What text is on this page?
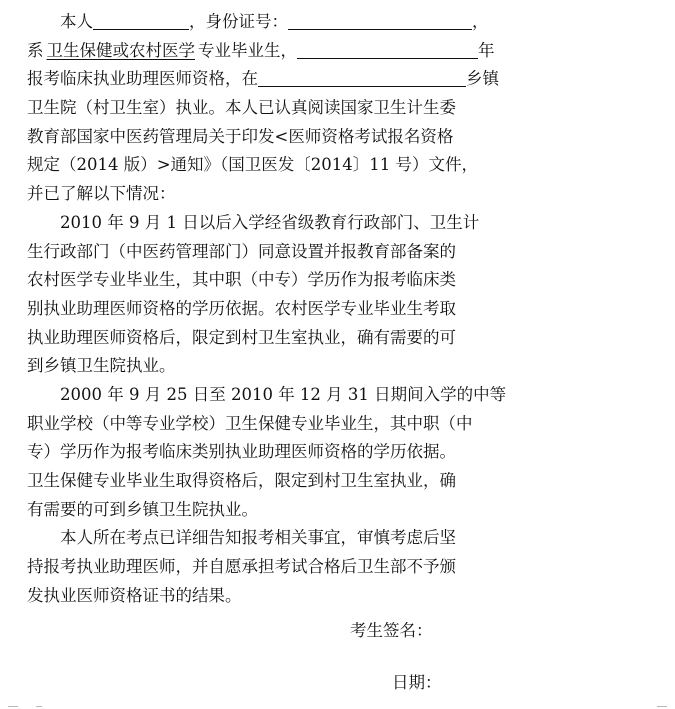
本人	，身份证号：	，
系 卫生保健或农村医学 专业毕业生，	年
报考临床执业助理医师资格，在	乡镇
卫生院（村卫生室）执业。本人已认真阅读国家卫生计生委
教育部国家中医药管理局关于印发<医师资格考试报名资格
规定（2014 版）>通知》（国卫医发〔2014〕11 号）文件，
并已了解以下情况：
2010 年 9 月 1 日以后入学经省级教育行政部门、卫生计
生行政部门（中医药管理部门）同意设置并报教育部备案的
农村医学专业毕业生，其中职（中专）学历作为报考临床类
别执业助理医师资格的学历依据。农村医学专业毕业生考取
执业助理医师资格后，限定到村卫生室执业，确有需要的可
到乡镇卫生院执业。
2000 年 9 月 25 日至 2010 年 12 月 31 日期间入学的中等
职业学校（中等专业学校）卫生保健专业毕业生，其中职（中
专）学历作为报考临床类别执业助理医师资格的学历依据。
卫生保健专业毕业生取得资格后，限定到村卫生室执业，确
有需要的可到乡镇卫生院执业。
本人所在考点已详细告知报考相关事宜，审慎考虑后坚
持报考执业助理医师，并自愿承担考试合格后卫生部不予颁
发执业医师资格证书的结果。
考生签名：
日期：
